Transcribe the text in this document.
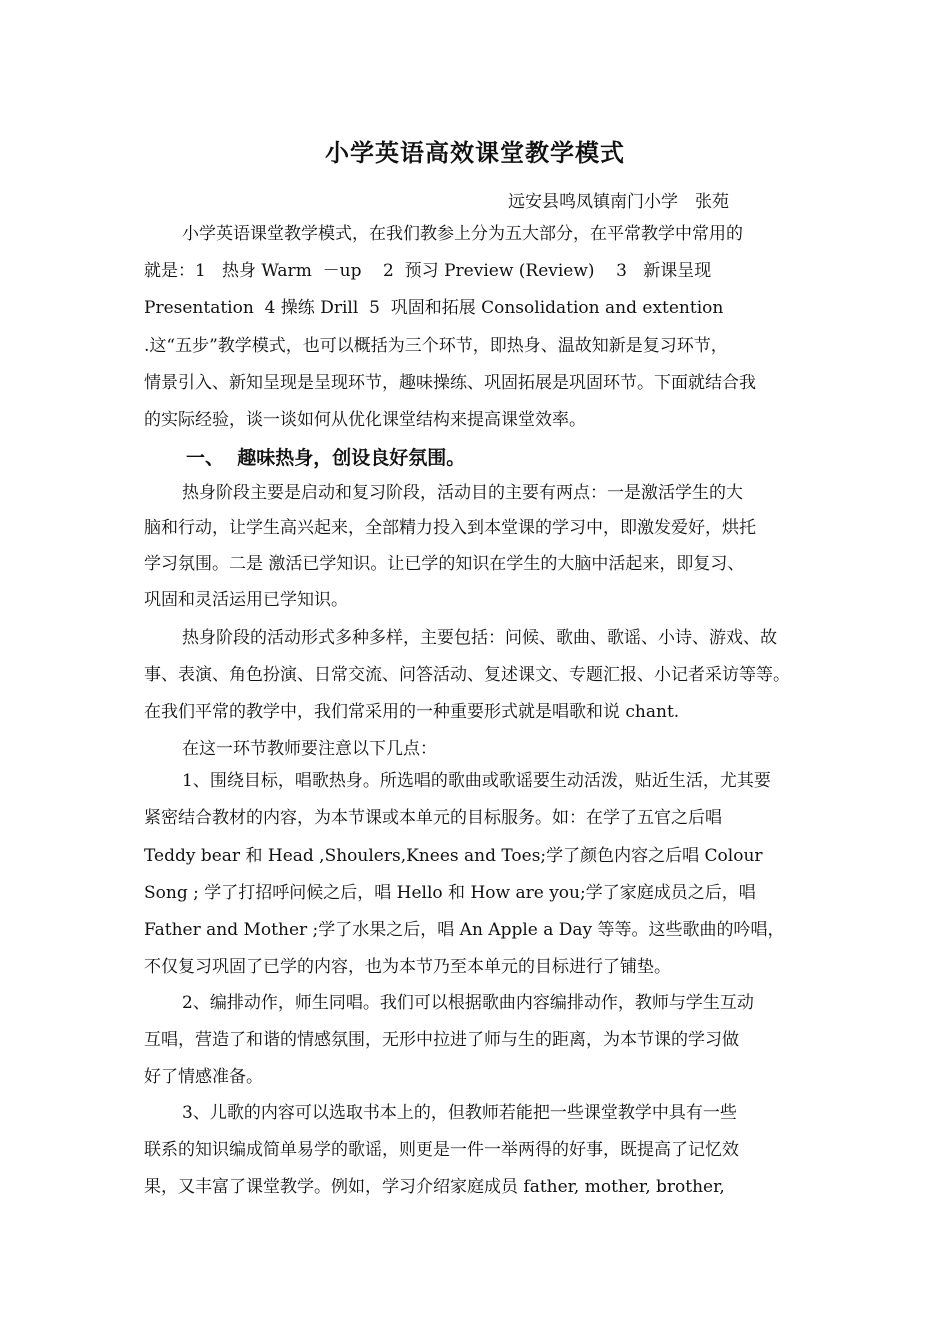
小学英语高效课堂教学模式
远安县鸣凤镇南门小学　张苑
小学英语课堂教学模式，在我们教参上分为五大部分，在平常教学中常用的
就是：1   热身 Warm  －up    2  预习 Preview (Review)    3   新课呈现
Presentation  4 操练 Drill  5  巩固和拓展 Consolidation and extention
.这“五步”教学模式，也可以概括为三个环节，即热身、温故知新是复习环节，
情景引入、新知呈现是呈现环节，趣味操练、巩固拓展是巩固环节。下面就结合我
的实际经验，谈一谈如何从优化课堂结构来提高课堂效率。
一、  趣味热身，创设良好氛围。
热身阶段主要是启动和复习阶段，活动目的主要有两点：一是激活学生的大
脑和行动，让学生高兴起来，全部精力投入到本堂课的学习中，即激发爱好，烘托
学习氛围。二是 激活已学知识。让已学的知识在学生的大脑中活起来，即复习、
巩固和灵活运用已学知识。
热身阶段的活动形式多种多样，主要包括：问候、歌曲、歌谣、小诗、游戏、故
事、表演、角色扮演、日常交流、问答活动、复述课文、专题汇报、小记者采访等等。
在我们平常的教学中，我们常采用的一种重要形式就是唱歌和说 chant.
在这一环节教师要注意以下几点：
1、围绕目标，唱歌热身。所选唱的歌曲或歌谣要生动活泼，贴近生活，尤其要
紧密结合教材的内容，为本节课或本单元的目标服务。如：在学了五官之后唱
Teddy bear 和 Head ,Shoulers,Knees and Toes;学了颜色内容之后唱 Colour
Song ; 学了打招呼问候之后，唱 Hello 和 How are you;学了家庭成员之后，唱
Father and Mother ;学了水果之后，唱 An Apple a Day 等等。这些歌曲的吟唱，
不仅复习巩固了已学的内容，也为本节乃至本单元的目标进行了铺垫。
2、编排动作，师生同唱。我们可以根据歌曲内容编排动作，教师与学生互动
互唱，营造了和谐的情感氛围，无形中拉进了师与生的距离，为本节课的学习做
好了情感准备。
3、儿歌的内容可以选取书本上的，但教师若能把一些课堂教学中具有一些
联系的知识编成简单易学的歌谣，则更是一件一举两得的好事，既提高了记忆效
果，又丰富了课堂教学。例如，学习介绍家庭成员 father, mother, brother,
